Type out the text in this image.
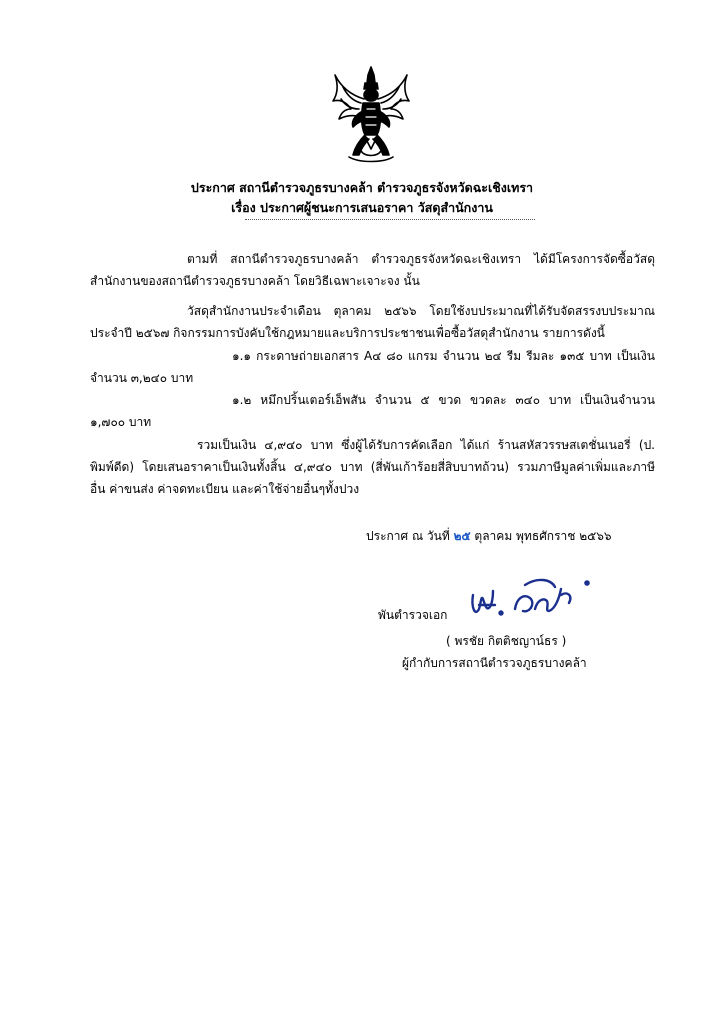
ประกาศ สถานีตำรวจภูธรบางคล้า ตำรวจภูธรจังหวัดฉะเชิงเทรา
เรื่อง ประกาศผู้ชนะการเสนอราคา วัสดุสำนักงาน
ตามที่ สถานีตำรวจภูธรบางคล้า ตำรวจภูธรจังหวัดฉะเชิงเทรา ได้มีโครงการจัดซื้อวัสดุ
สำนักงานของสถานีตำรวจภูธรบางคล้า โดยวิธีเฉพาะเจาะจง นั้น
วัสดุสำนักงานประจำเดือน ตุลาคม ๒๕๖๖ โดยใช้งบประมาณที่ได้รับจัดสรรงบประมาณ
ประจำปี ๒๕๖๗ กิจกรรมการบังคับใช้กฎหมายและบริการประชาชนเพื่อซื้อวัสดุสำนักงาน รายการดังนี้
๑.๑ กระดาษถ่ายเอกสาร A๔ ๘๐ แกรม จำนวน ๒๔ รีม รีมละ ๑๓๕ บาท เป็นเงิน
จำนวน ๓,๒๔๐ บาท
๑.๒ หมึกปริ้นเตอร์เอ็พสัน จำนวน ๕ ขวด ขวดละ ๓๔๐ บาท เป็นเงินจำนวน
๑,๗๐๐ บาท
รวมเป็นเงิน ๔,๙๔๐ บาท ซึ่งผู้ได้รับการคัดเลือก ได้แก่ ร้านสหัสวรรษสเตชั่นเนอรี่ (ป.
พิมพ์ดีด) โดยเสนอราคาเป็นเงินทั้งสิ้น ๔,๙๔๐ บาท (สี่พันเก้าร้อยสี่สิบบาทถ้วน) รวมภาษีมูลค่าเพิ่มและภาษี
อื่น ค่าขนส่ง ค่าจดทะเบียน และค่าใช้จ่ายอื่นๆทั้งปวง
ประกาศ ณ วันที่ ๒๕ ตุลาคม พุทธศักราช ๒๕๖๖
พันตำรวจเอก
( พรชัย กิตติชญาน์ธร )
ผู้กำกับการสถานีตำรวจภูธรบางคล้า
